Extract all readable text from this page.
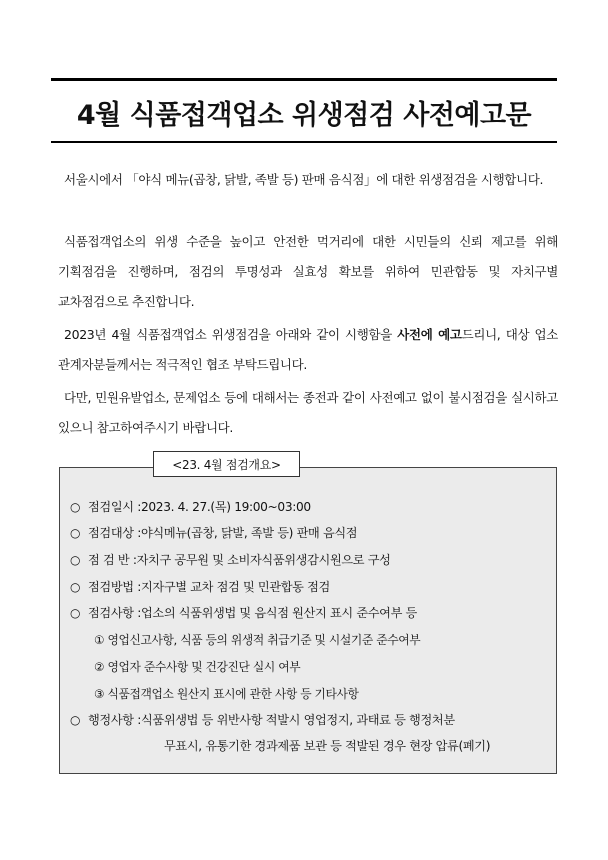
4월 식품접객업소 위생점검 사전예고문
서울시에서 「야식 메뉴(곱창, 닭발, 족발 등) 판매 음식점」에 대한 위생점검을 시행합니다.
식품접객업소의 위생 수준을 높이고 안전한 먹거리에 대한 시민들의 신뢰 제고를 위해 기획점검을 진행하며, 점검의 투명성과 실효성 확보를 위하여 민관합동 및 자치구별 교차점검으로 추진합니다.
2023년 4월 식품접객업소 위생점검을 아래와 같이 시행함을 사전에 예고드리니, 대상 업소 관계자분들께서는 적극적인 협조 부탁드립니다.
다만, 민원유발업소, 문제업소 등에 대해서는 종전과 같이 사전예고 없이 불시점검을 실시하고 있으니 참고하여주시기 바랍니다.
<23. 4월 점검개요>
○ 점검일시 :2023. 4. 27.(목) 19:00~03:00
○ 점검대상 :야식메뉴(곱창, 닭발, 족발 등) 판매 음식점
○ 점 검 반 :자치구 공무원 및 소비자식품위생감시원으로 구성
○ 점검방법 :지자구별 교차 점검 및 민관합동 점검
○ 점검사항 :업소의 식품위생법 및 음식점 원산지 표시 준수여부 등
① 영업신고사항, 식품 등의 위생적 취급기준 및 시설기준 준수여부
② 영업자 준수사항 및 건강진단 실시 여부
③ 식품접객업소 원산지 표시에 관한 사항 등 기타사항
○ 행정사항 :식품위생법 등 위반사항 적발시 영업정지, 과태료 등 행정처분
무표시, 유통기한 경과제품 보관 등 적발된 경우 현장 압류(폐기)
